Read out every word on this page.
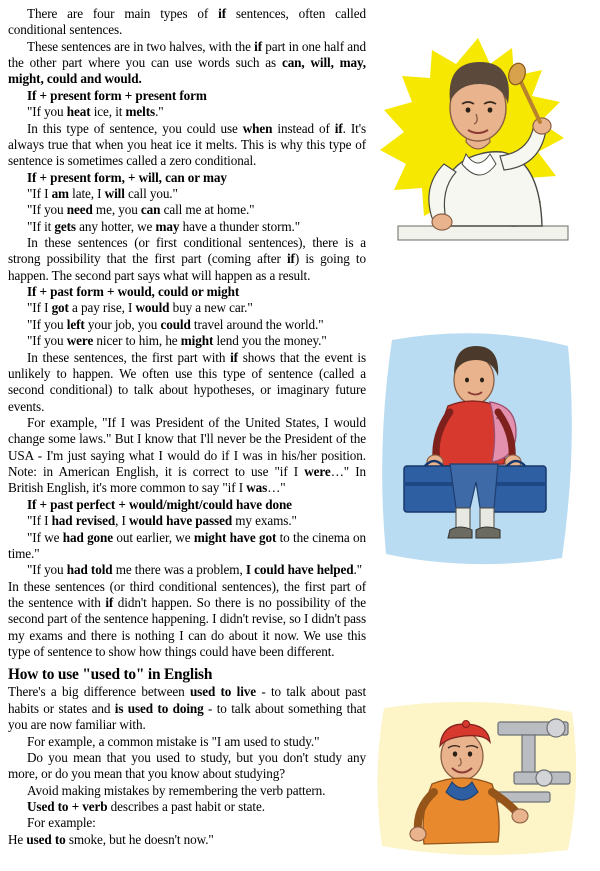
There are four main types of if sentences, often called conditional sentences.

These sentences are in two halves, with the if part in one half and the other part where you can use words such as can, will, may, might, could and would.

If + present form + present form

"If you heat ice, it melts."

In this type of sentence, you could use when instead of if. It's always true that when you heat ice it melts. This is why this type of sentence is sometimes called a zero conditional.

If + present form, + will, can or may

"If I am late, I will call you."

"If you need me, you can call me at home."

"If it gets any hotter, we may have a thunder storm."

In these sentences (or first conditional sentences), there is a strong possibility that the first part (coming after if) is going to happen. The second part says what will happen as a result.

If + past form + would, could or might

"If I got a pay rise, I would buy a new car."

"If you left your job, you could travel around the world."

"If you were nicer to him, he might lend you the money."

In these sentences, the first part with if shows that the event is unlikely to happen. We often use this type of sentence (called a second conditional) to talk about hypotheses, or imaginary future events.

For example, "If I was President of the United States, I would change some laws." But I know that I'll never be the President of the USA - I'm just saying what I would do if I was in his/her position. Note: in American English, it is correct to use "if I were…" In British English, it's more common to say "if I was…"

If + past perfect + would/might/could have done

"If I had revised, I would have passed my exams."

"If we had gone out earlier, we might have got to the cinema on time."

"If you had told me there was a problem, I could have helped."

In these sentences (or third conditional sentences), the first part of the sentence with if didn't happen. So there is no possibility of the second part of the sentence happening. I didn't revise, so I didn't pass my exams and there is nothing I can do about it now. We use this type of sentence to show how things could have been different.

How to use "used to" in English

There's a big difference between used to live - to talk about past habits or states and is used to doing - to talk about something that you are now familiar with.

For example, a common mistake is "I am used to study."

Do you mean that you used to study, but you don't study any more, or do you mean that you know about studying?

Avoid making mistakes by remembering the verb pattern.

Used to + verb describes a past habit or state.

For example:

He used to smoke, but he doesn't now."
